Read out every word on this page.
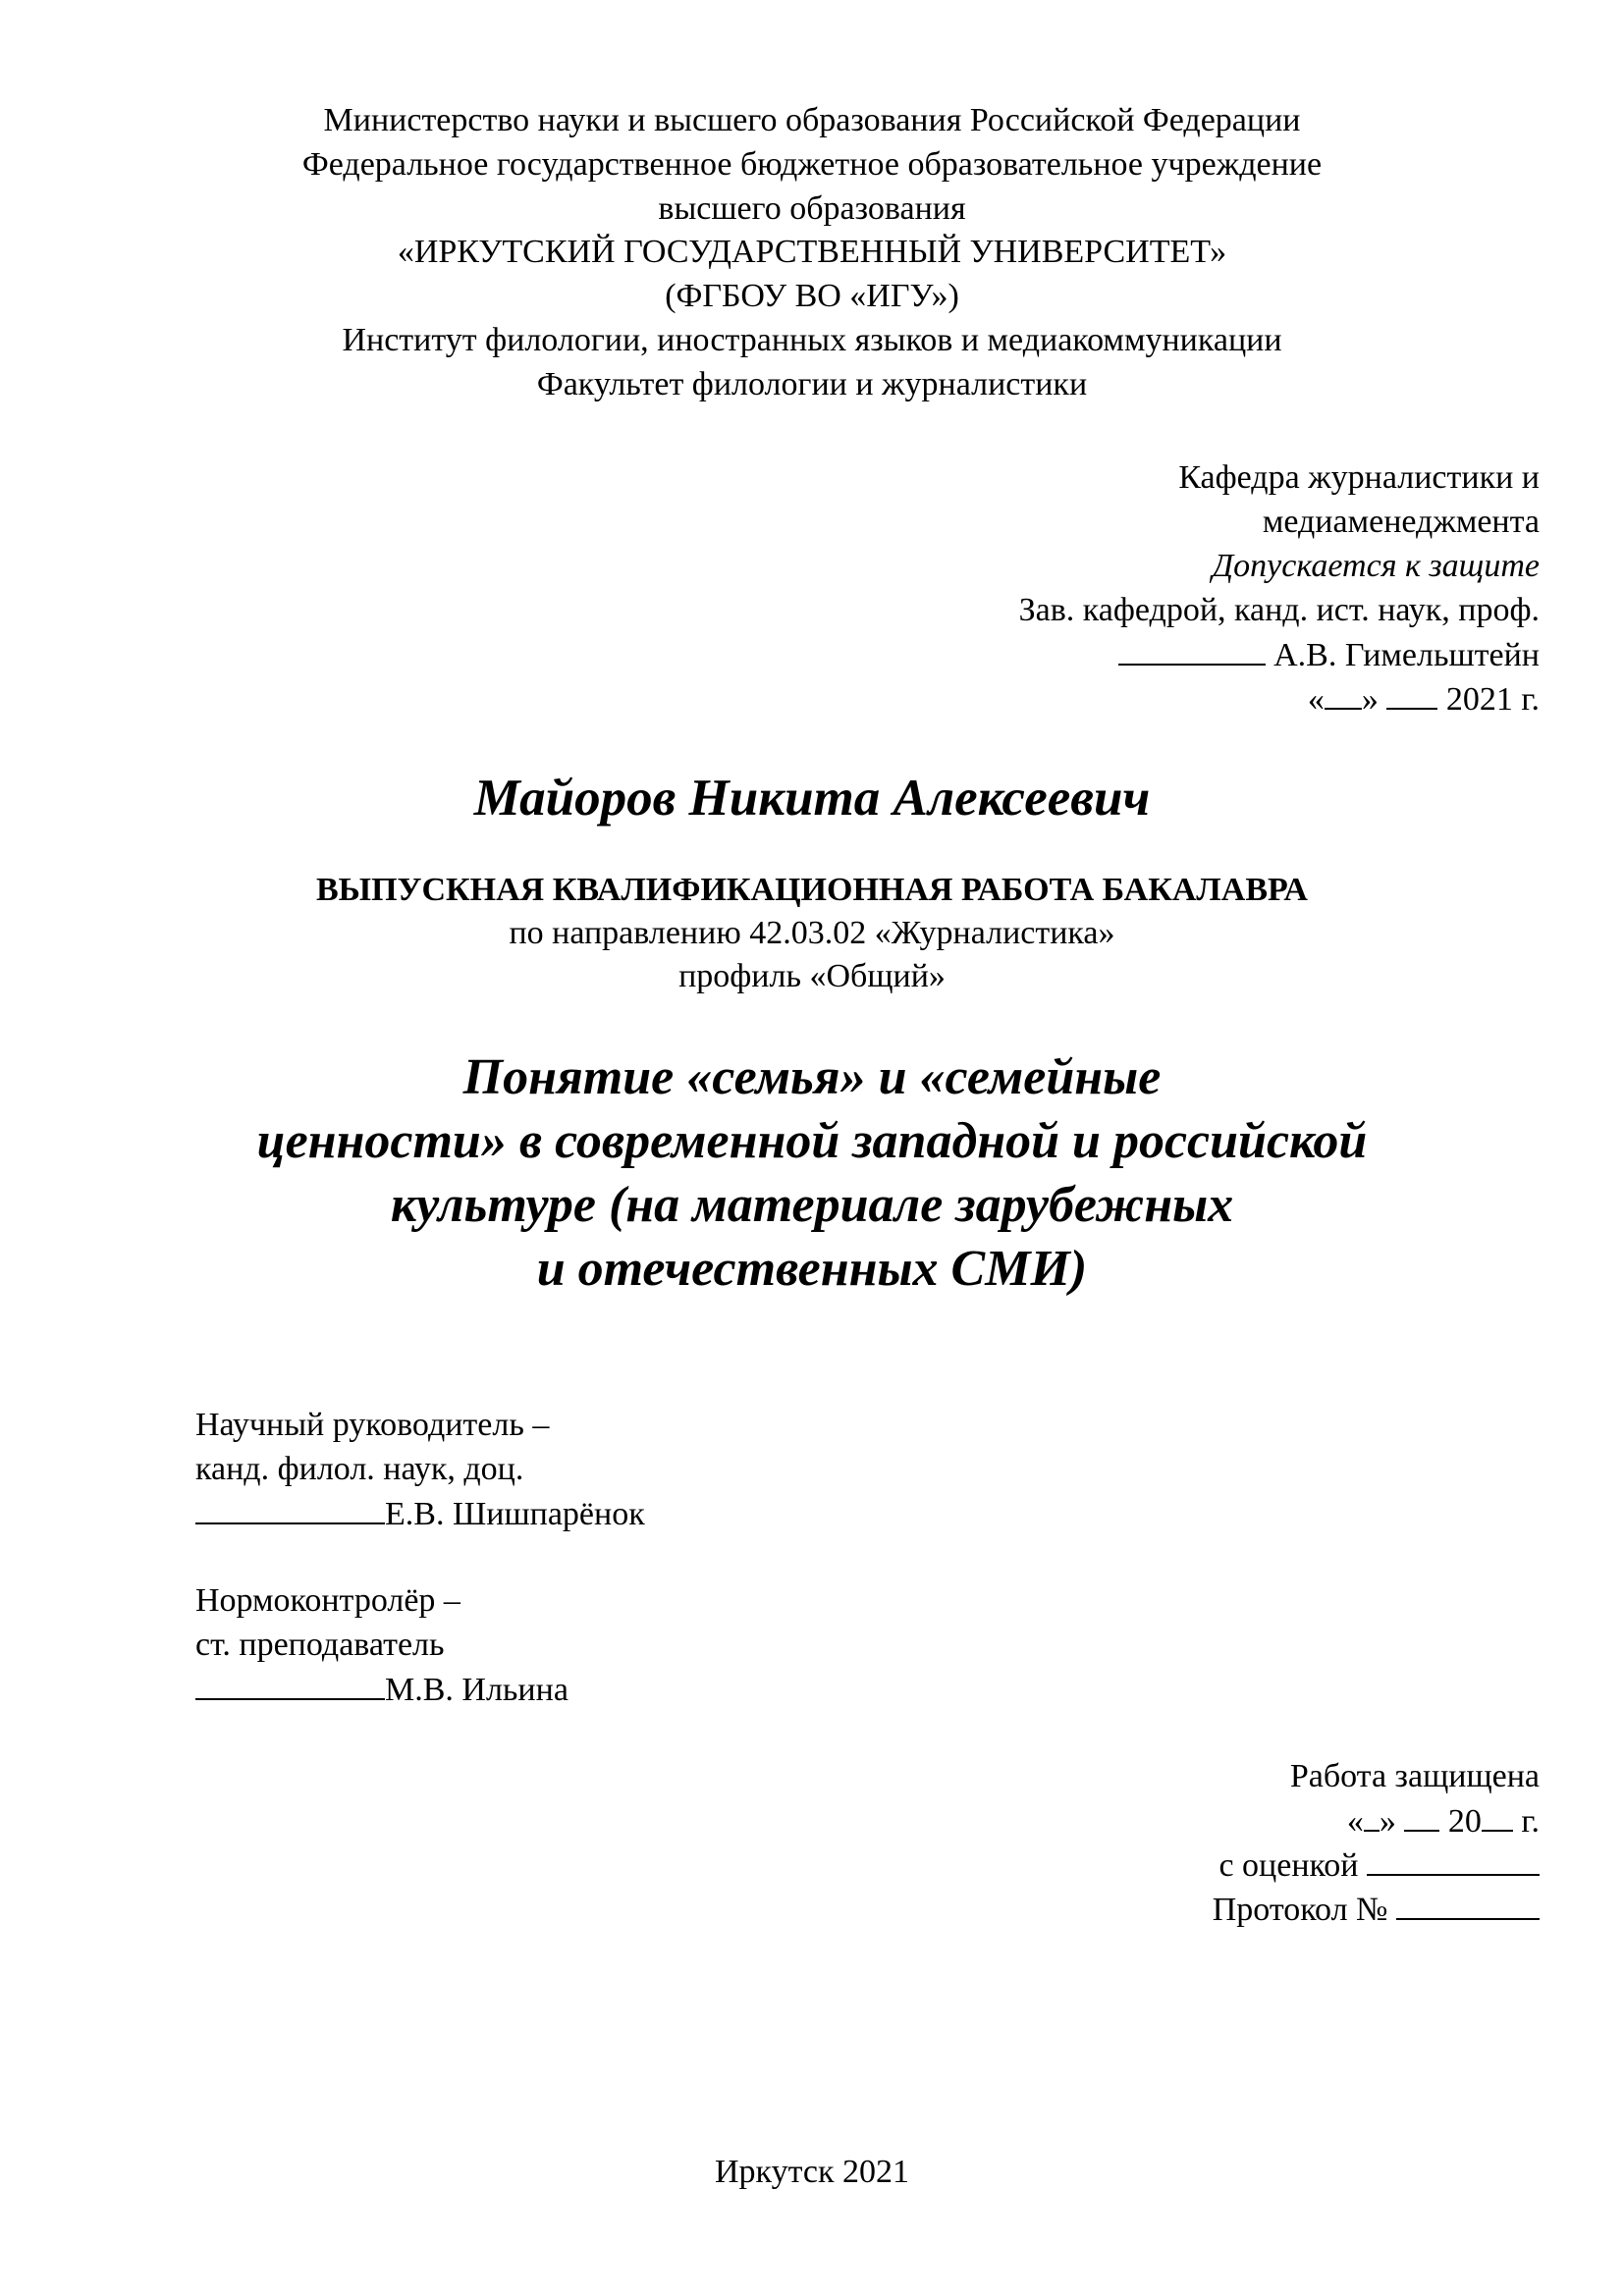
Министерство науки и высшего образования Российской Федерации
Федеральное государственное бюджетное образовательное учреждение
высшего образования
«ИРКУТСКИЙ ГОСУДАРСТВЕННЫЙ УНИВЕРСИТЕТ»
(ФГБОУ ВО «ИГУ»)
Институт филологии, иностранных языков и медиакоммуникации
Факультет филологии и журналистики
Кафедра журналистики и
медиаменеджмента
Допускается к защите
Зав. кафедрой, канд. ист. наук, проф.
А.В. Гимельштейн
« » 2021 г.
Майоров Никита Алексеевич
ВЫПУСКНАЯ КВАЛИФИКАЦИОННАЯ РАБОТА БАКАЛАВРА
по направлению 42.03.02 «Журналистика»
профиль «Общий»
Понятие «семья» и «семейные
ценности» в современной западной и российской
культуре (на материале зарубежных
и отечественных СМИ)
Научный руководитель –
канд. филол. наук, доц.
Е.В. Шишпарёнок
Нормоконтролёр –
ст. преподаватель
М.В. Ильина
Работа защищена
« » 20 г.
с оценкой
Протокол №
Иркутск 2021
